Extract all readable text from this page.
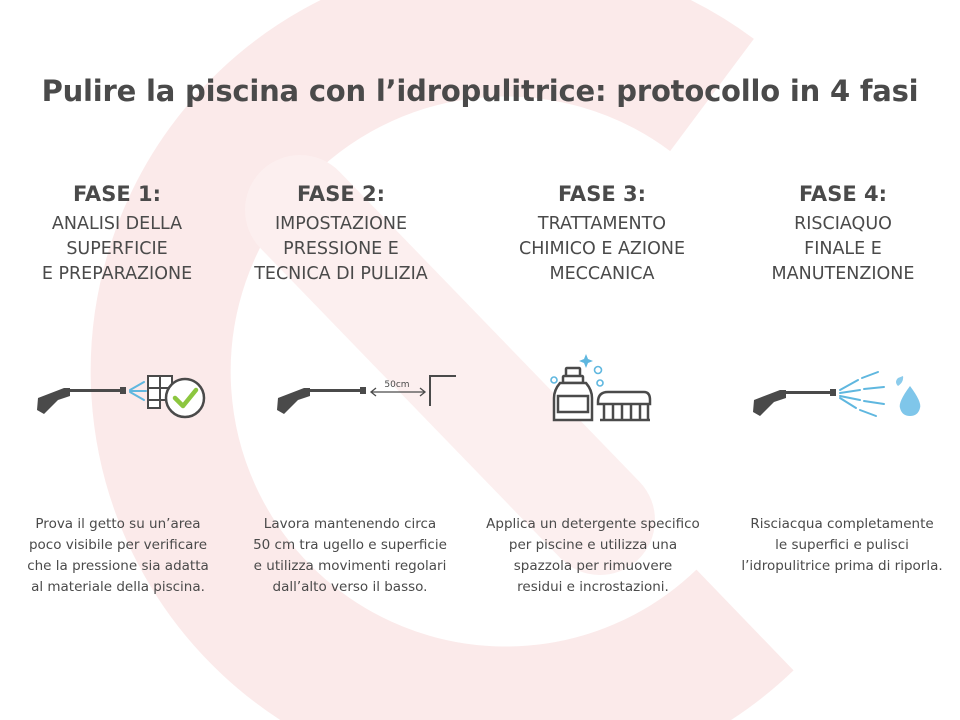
Pulire la piscina con l’idropulitrice: protocollo in 4 fasi
FASE 1:
ANALISI DELLA
SUPERFICIE
E PREPARAZIONE
FASE 2:
IMPOSTAZIONE
PRESSIONE E
TECNICA DI PULIZIA
FASE 3:
TRATTAMENTO
CHIMICO E AZIONE
MECCANICA
FASE 4:
RISCIAQUO
FINALE E
MANUTENZIONE
50cm
Prova il getto su un’area
poco visibile per verificare
che la pressione sia adatta
al materiale della piscina.
Lavora mantenendo circa
50 cm tra ugello e superficie
e utilizza movimenti regolari
dall’alto verso il basso.
Applica un detergente specifico
per piscine e utilizza una
spazzola per rimuovere
residui e incrostazioni.
Risciacqua completamente
le superfici e pulisci
l’idropulitrice prima di riporla.
